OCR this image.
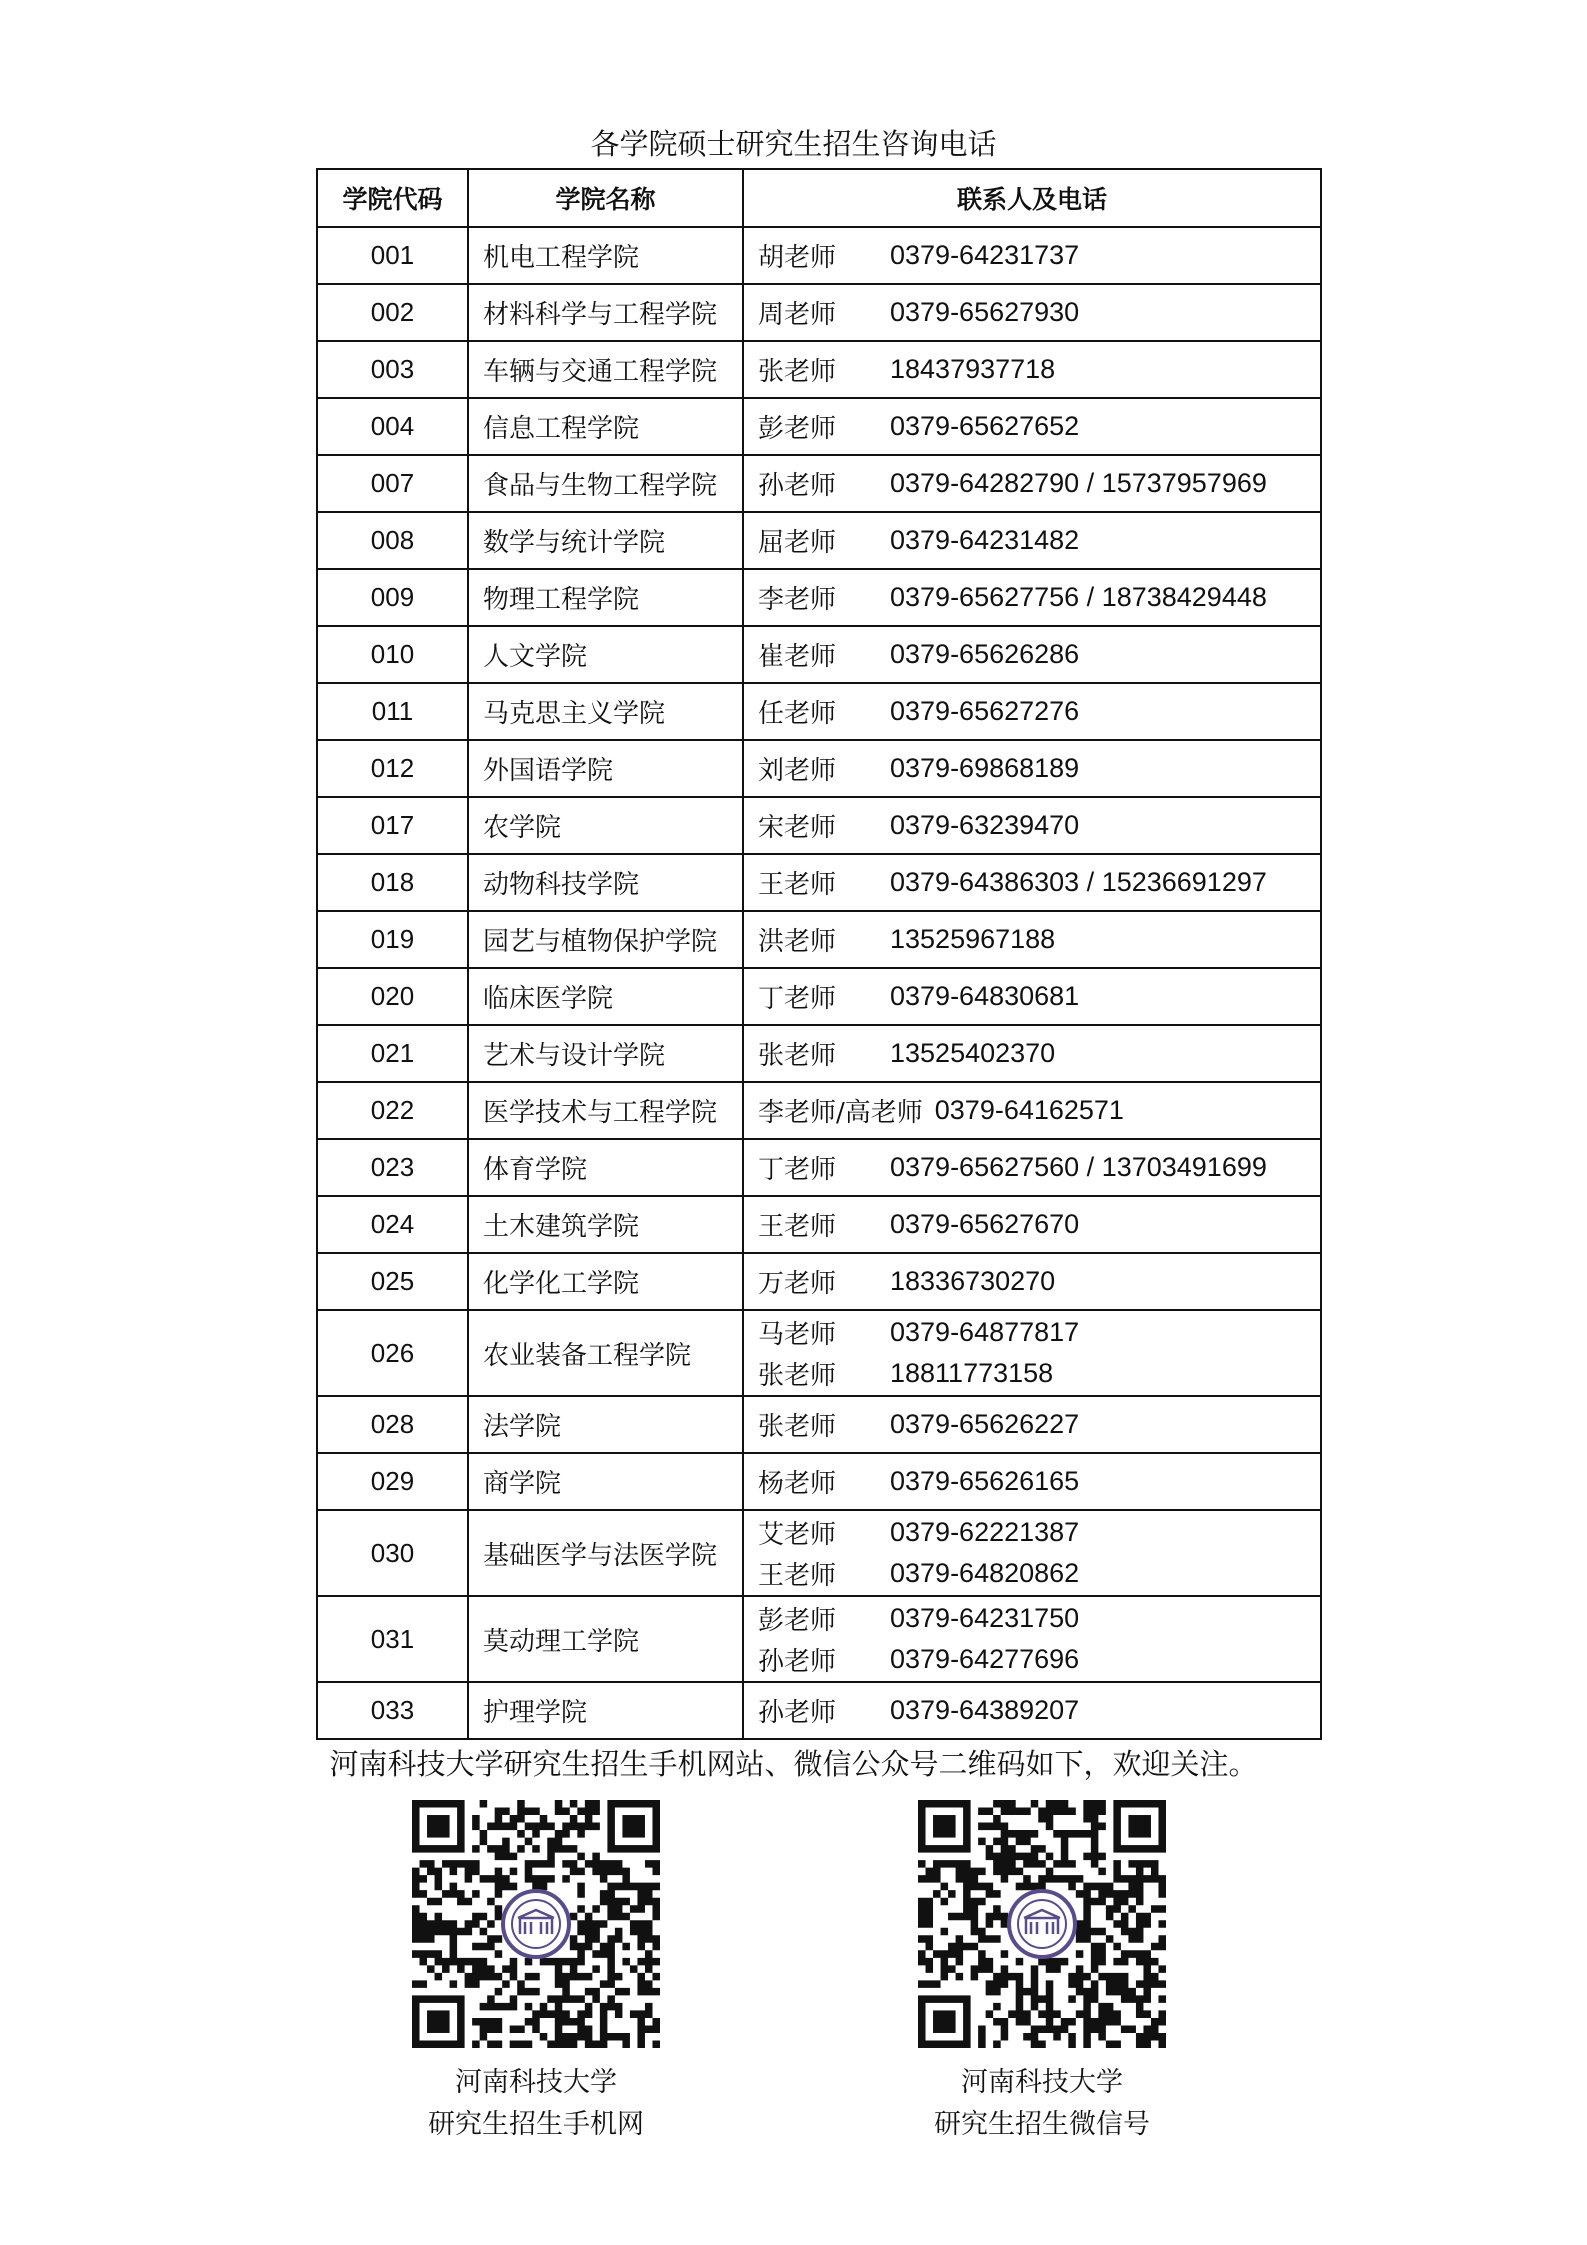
各学院硕士研究生招生咨询电话
学院代码	学院名称	联系人及电话
001	机电工程学院	胡老师 0379-64231737

002	材料科学与工程学院	周老师 0379-65627930

003	车辆与交通工程学院	张老师 18437937718

004	信息工程学院	彭老师 0379-65627652

007	食品与生物工程学院	孙老师 0379-64282790 / 15737957969

008	数学与统计学院	屈老师 0379-64231482

009	物理工程学院	李老师 0379-65627756 / 18738429448

010	人文学院	崔老师 0379-65626286

011	马克思主义学院	任老师 0379-65627276

012	外国语学院	刘老师 0379-69868189

017	农学院	宋老师 0379-63239470

018	动物科技学院	王老师 0379-64386303 / 15236691297

019	园艺与植物保护学院	洪老师 13525967188

020	临床医学院	丁老师 0379-64830681

021	艺术与设计学院	张老师 13525402370

022	医学技术与工程学院	李老师/高老师 0379-64162571

023	体育学院	丁老师 0379-65627560 / 13703491699

024	土木建筑学院	王老师 0379-65627670

025	化学化工学院	万老师 18336730270

026	农业装备工程学院	马老师 0379-64877817
张老师 18811773158

028	法学院	张老师 0379-65626227

029	商学院	杨老师 0379-65626165

030	基础医学与法医学院	艾老师 0379-62221387
王老师 0379-64820862

031	莫动理工学院	彭老师 0379-64231750
孙老师 0379-64277696

033	护理学院	孙老师 0379-64389207
河南科技大学研究生招生手机网站、微信公众号二维码如下，欢迎关注。
河南科技大学
研究生招生手机网
河南科技大学
研究生招生微信号
